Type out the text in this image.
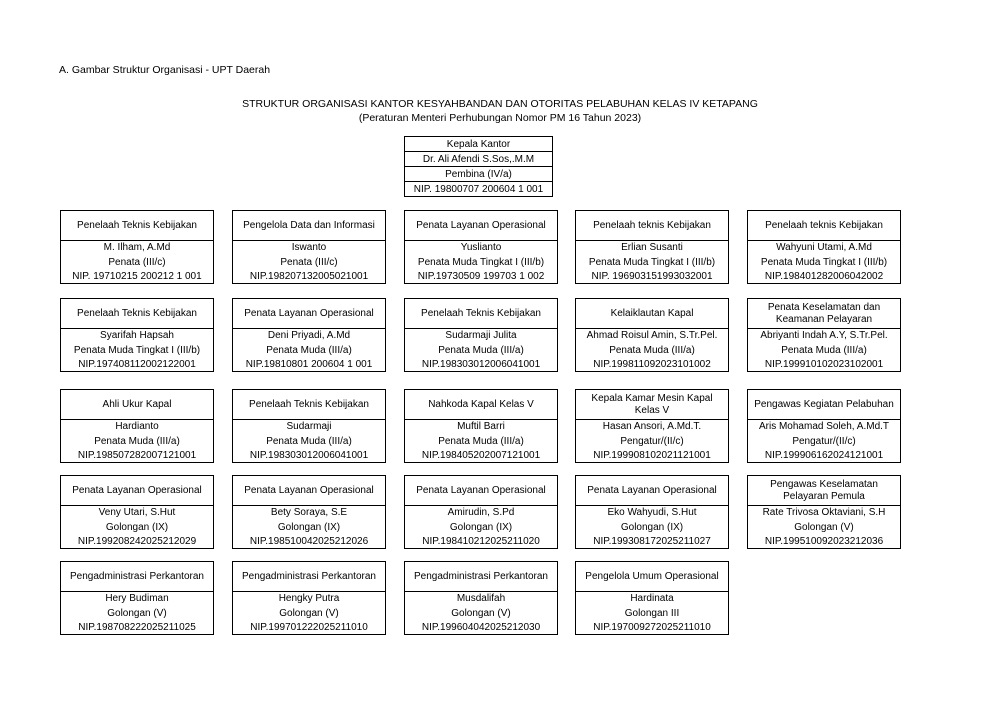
A. Gambar Struktur Organisasi - UPT Daerah
STRUKTUR ORGANISASI KANTOR KESYAHBANDAN DAN OTORITAS PELABUHAN KELAS IV KETAPANG
(Peraturan Menteri Perhubungan Nomor PM 16 Tahun 2023)
Kepala Kantor
Dr. Ali Afendi S.Sos,.M.M
Pembina (IV/a)
NIP. 19800707 200604 1 001
Penelaah Teknis Kebijakan
M. Ilham, A.Md
Penata (III/c)
NIP. 19710215 200212 1 001
Pengelola Data dan Informasi
Iswanto
Penata (III/c)
NIP.198207132005021001
Penata Layanan Operasional
Yuslianto
Penata Muda Tingkat I (III/b)
NIP.19730509 199703 1 002
Penelaah teknis Kebijakan
Erlian Susanti
Penata Muda Tingkat I (III/b)
NIP. 196903151993032001
Penelaah teknis Kebijakan
Wahyuni Utami, A.Md
Penata Muda Tingkat I (III/b)
NIP.198401282006042002
Penelaah Teknis Kebijakan
Syarifah Hapsah
Penata Muda Tingkat I (III/b)
NIP.197408112002122001
Penata Layanan Operasional
Deni Priyadi, A.Md
Penata Muda (III/a)
NIP.19810801 200604 1 001
Penelaah Teknis Kebijakan
Sudarmaji Julita
Penata Muda (III/a)
NIP.198303012006041001
Kelaiklautan Kapal
Ahmad Roisul Amin, S.Tr.Pel.
Penata Muda (III/a)
NIP.199811092023101002
Penata Keselamatan dan Keamanan Pelayaran
Abriyanti Indah A.Y, S.Tr.Pel.
Penata Muda (III/a)
NIP.199910102023102001
Ahli Ukur Kapal
Hardianto
Penata Muda (III/a)
NIP.198507282007121001
Penelaah Teknis Kebijakan
Sudarmaji
Penata Muda (III/a)
NIP.198303012006041001
Nahkoda Kapal Kelas V
Muftil Barri
Penata Muda (III/a)
NIP.198405202007121001
Kepala Kamar Mesin Kapal Kelas V
Hasan Ansori, A.Md.T.
Pengatur/(II/c)
NIP.199908102021121001
Pengawas Kegiatan Pelabuhan
Aris Mohamad Soleh, A.Md.T
Pengatur/(II/c)
NIP.199906162024121001
Penata Layanan Operasional
Veny Utari, S.Hut
Golongan (IX)
NIP.199208242025212029
Penata Layanan Operasional
Bety Soraya, S.E
Golongan (IX)
NIP.198510042025212026
Penata Layanan Operasional
Amirudin, S.Pd
Golongan (IX)
NIP.198410212025211020
Penata Layanan Operasional
Eko Wahyudi, S.Hut
Golongan (IX)
NIP.199308172025211027
Pengawas Keselamatan Pelayaran Pemula
Rate Trivosa Oktaviani, S.H
Golongan (V)
NIP.199510092023212036
Pengadministrasi Perkantoran
Hery Budiman
Golongan (V)
NIP.198708222025211025
Pengadministrasi Perkantoran
Hengky Putra
Golongan (V)
NIP.199701222025211010
Pengadministrasi Perkantoran
Musdalifah
Golongan (V)
NIP.199604042025212030
Pengelola Umum Operasional
Hardinata
Golongan III
NIP.197009272025211010
